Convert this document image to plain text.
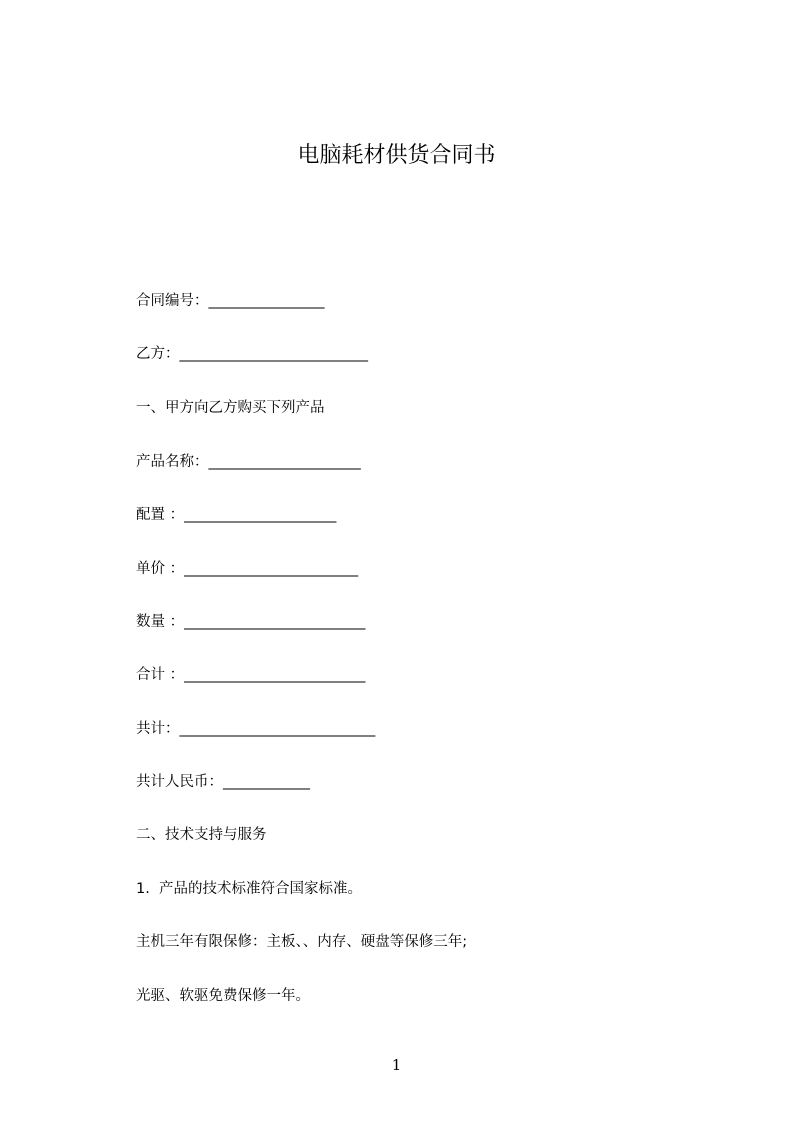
电脑耗材供货合同书
合同编号：________________
乙方：__________________________
一、甲方向乙方购买下列产品
产品名称：_____________________
配置 ：_____________________
单价 ：________________________
数量 ：_________________________
合计 ：_________________________
共计：___________________________
共计人民币：____________
二、技术支持与服务
1.  产品的技术标准符合国家标准。
主机三年有限保修：主板、、内存、硬盘等保修三年;
光驱、软驱免费保修一年。
1
